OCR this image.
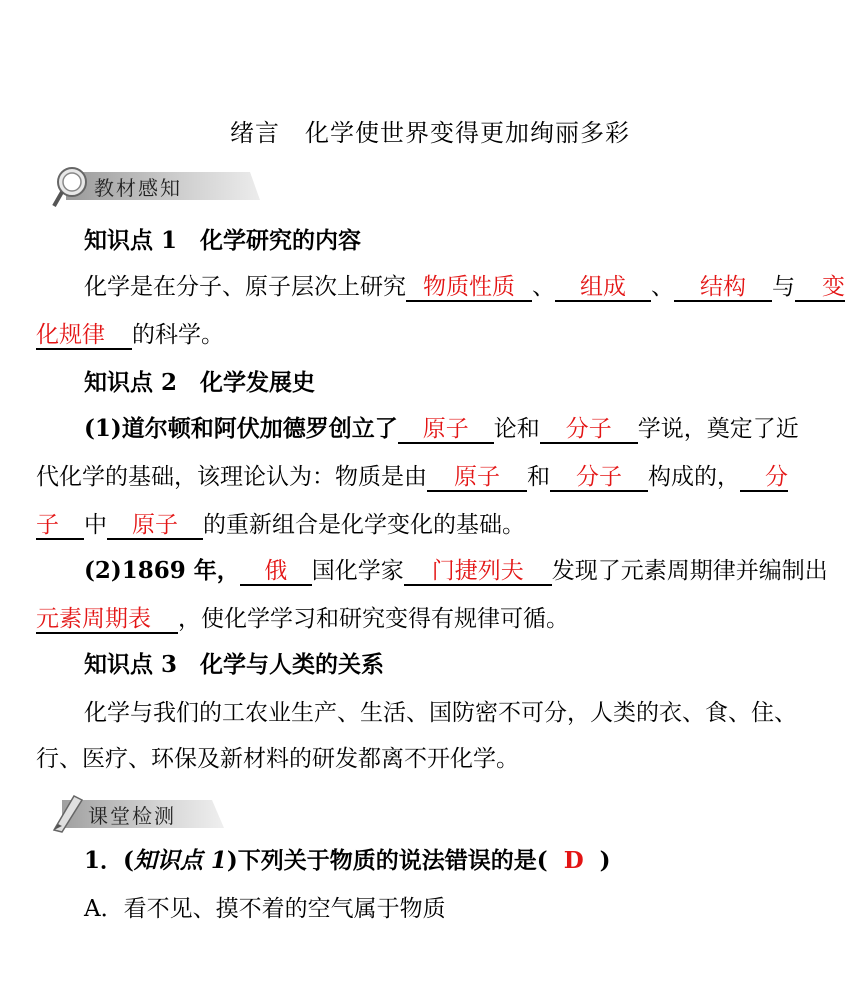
绪言　化学使世界变得更加绚丽多彩
教材感知
知识点 1　化学研究的内容
化学是在分子、原子层次上研究 物质性质 、 组成 、 结构 与 变
化规律 的科学。
知识点 2　化学发展史
(1)道尔顿和阿伏加德罗创立了 原子 论和 分子 学说，奠定了近
代化学的基础，该理论认为：物质是由 原子 和 分子 构成的， 分
子 中 原子 的重新组合是化学变化的基础。
(2)1869 年， 俄 国化学家 门捷列夫 发现了元素周期律并编制出
元素周期表 ，使化学学习和研究变得有规律可循。
知识点 3　化学与人类的关系
化学与我们的工农业生产、生活、国防密不可分，人类的衣、食、住、
行、医疗、环保及新材料的研发都离不开化学。
课堂检测
1．(知识点 1)下列关于物质的说法错误的是( D )
A．看不见、摸不着的空气属于物质
